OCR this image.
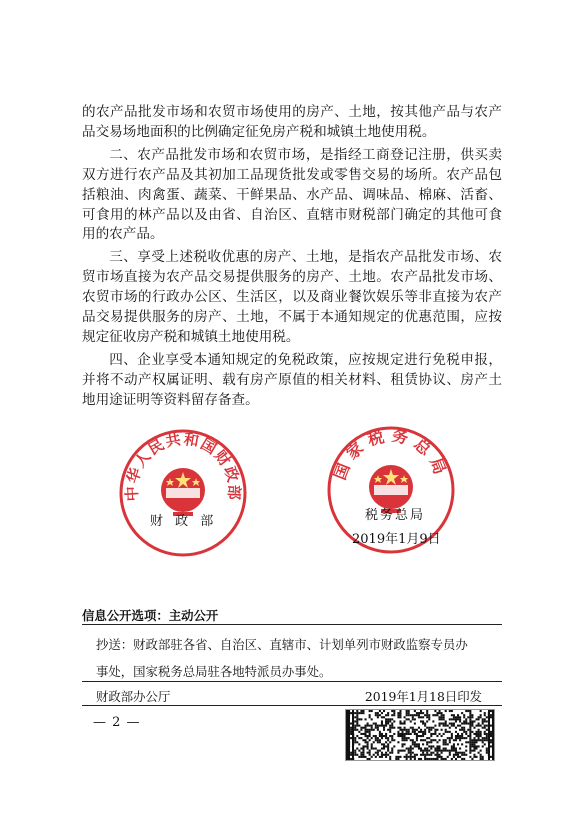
的农产品批发市场和农贸市场使用的房产、土地，按其他产品与农产品交易场地面积的比例确定征免房产税和城镇土地使用税。

二、农产品批发市场和农贸市场，是指经工商登记注册，供买卖双方进行农产品及其初加工品现货批发或零售交易的场所。农产品包括粮油、肉禽蛋、蔬菜、干鲜果品、水产品、调味品、棉麻、活畜、可食用的林产品以及由省、自治区、直辖市财税部门确定的其他可食用的农产品。

三、享受上述税收优惠的房产、土地，是指农产品批发市场、农贸市场直接为农产品交易提供服务的房产、土地。农产品批发市场、农贸市场的行政办公区、生活区，以及商业餐饮娱乐等非直接为农产品交易提供服务的房产、土地，不属于本通知规定的优惠范围，应按规定征收房产税和城镇土地使用税。

四、企业享受本通知规定的免税政策，应按规定进行免税申报，并将不动产权属证明、载有房产原值的相关材料、租赁协议、房产土地用途证明等资料留存备查。

中华人民共和国财政部
国家税务总局
财 政 部	税务总局
2019年1月9日
信息公开选项：主动公开
抄送：财政部驻各省、自治区、直辖市、计划单列市财政监察专员办
事处，国家税务总局驻各地特派员办事处。
财政部办公厅	2019年1月18日印发
— 2 —
